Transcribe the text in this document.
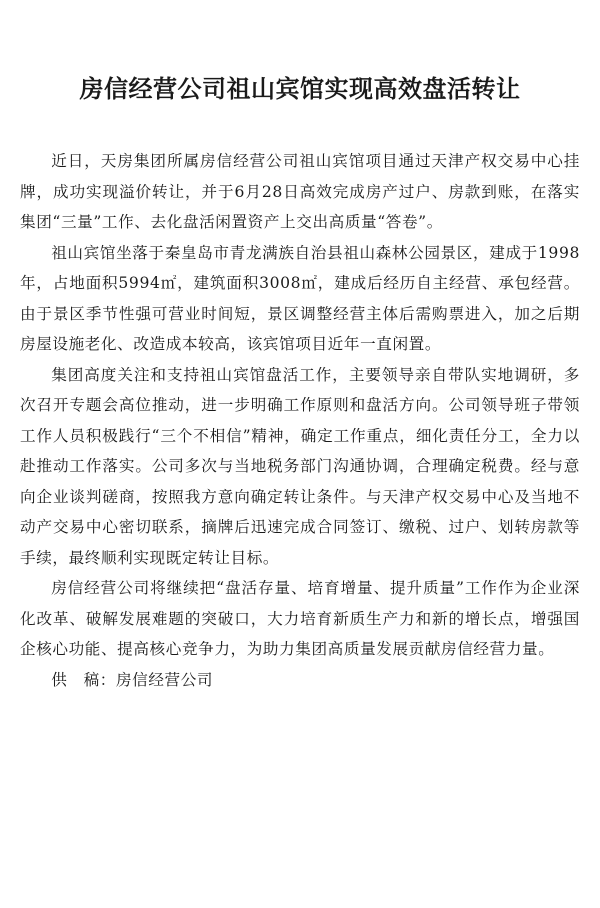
房信经营公司祖山宾馆实现高效盘活转让

近日，天房集团所属房信经营公司祖山宾馆项目通过天津产权交易中心挂牌，成功实现溢价转让，并于6月28日高效完成房产过户、房款到账，在落实集团“三量”工作、去化盘活闲置资产上交出高质量“答卷”。

祖山宾馆坐落于秦皇岛市青龙满族自治县祖山森林公园景区，建成于1998年，占地面积5994㎡，建筑面积3008㎡，建成后经历自主经营、承包经营。由于景区季节性强可营业时间短，景区调整经营主体后需购票进入，加之后期房屋设施老化、改造成本较高，该宾馆项目近年一直闲置。

集团高度关注和支持祖山宾馆盘活工作，主要领导亲自带队实地调研，多次召开专题会高位推动，进一步明确工作原则和盘活方向。公司领导班子带领工作人员积极践行“三个不相信”精神，确定工作重点，细化责任分工，全力以赴推动工作落实。公司多次与当地税务部门沟通协调，合理确定税费。经与意向企业谈判磋商，按照我方意向确定转让条件。与天津产权交易中心及当地不动产交易中心密切联系，摘牌后迅速完成合同签订、缴税、过户、划转房款等手续，最终顺利实现既定转让目标。

房信经营公司将继续把“盘活存量、培育增量、提升质量”工作作为企业深化改革、破解发展难题的突破口，大力培育新质生产力和新的增长点，增强国企核心功能、提高核心竞争力，为助力集团高质量发展贡献房信经营力量。

供　稿：房信经营公司
